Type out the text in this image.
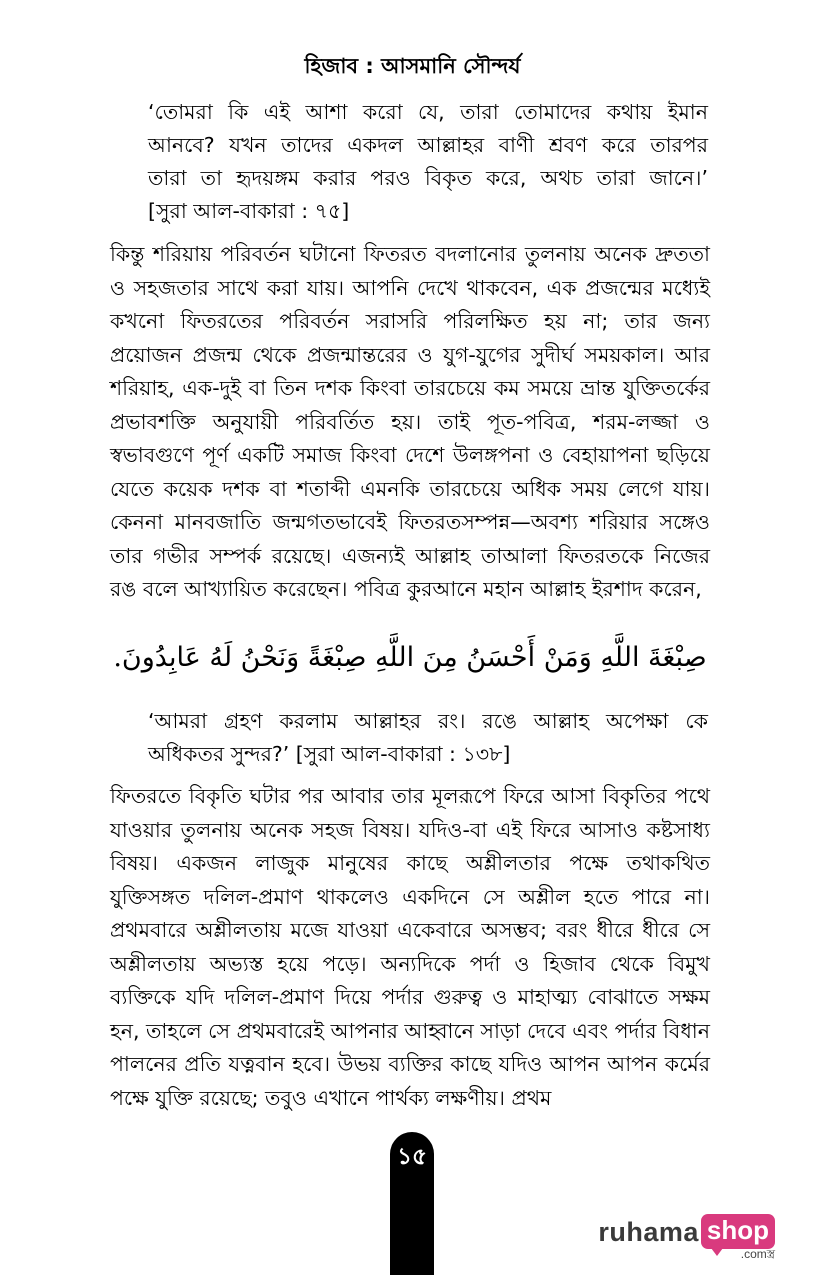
হিজাব : আসমানি সৌন্দর্য

‘তোমরা কি এই আশা করো যে, তারা তোমাদের কথায় ইমান

আনবে? যখন তাদের একদল আল্লাহর বাণী শ্রবণ করে তারপর

তারা তা হৃদয়ঙ্গম করার পরও বিকৃত করে, অথচ তারা জানে।’

[সুরা আল-বাকারা : ৭৫]

কিন্তু শরিয়ায় পরিবর্তন ঘটানো ফিতরত বদলানোর তুলনায় অনেক দ্রুততা ও সহজতার সাথে করা যায়। আপনি দেখে থাকবেন, এক প্রজন্মের মধ্যেই কখনো ফিতরতের পরিবর্তন সরাসরি পরিলক্ষিত হয় না; তার জন্য প্রয়োজন প্রজন্ম থেকে প্রজন্মান্তরের ও যুগ-যুগের সুদীর্ঘ সময়কাল। আর শরিয়াহ, এক-দুই বা তিন দশক কিংবা তারচেয়ে কম সময়ে ভ্রান্ত যুক্তিতর্কের প্রভাবশক্তি অনুযায়ী পরিবর্তিত হয়। তাই পূত-পবিত্র, শরম-লজ্জা ও স্বভাবগুণে পূর্ণ একটি সমাজ কিংবা দেশে উলঙ্গপনা ও বেহায়াপনা ছড়িয়ে যেতে কয়েক দশক বা শতাব্দী এমনকি তারচেয়ে অধিক সময় লেগে যায়। কেননা মানবজাতি জন্মগতভাবেই ফিতরতসম্পন্ন—অবশ্য শরিয়ার সঙ্গেও তার গভীর সম্পর্ক রয়েছে। এজন্যই আল্লাহ তাআলা ফিতরতকে নিজের রঙ বলে আখ্যায়িত করেছেন। পবিত্র কুরআনে মহান আল্লাহ ইরশাদ করেন,
صِبْغَةَ اللَّهِ وَمَنْ أَحْسَنُ مِنَ اللَّهِ صِبْغَةً وَنَحْنُ لَهُ عَابِدُونَ.

‘আমরা গ্রহণ করলাম আল্লাহর রং। রঙে আল্লাহ অপেক্ষা কে

অধিকতর সুন্দর?’ [সুরা আল-বাকারা : ১৩৮]

ফিতরতে বিকৃতি ঘটার পর আবার তার মূলরূপে ফিরে আসা বিকৃতির পথে যাওয়ার তুলনায় অনেক সহজ বিষয়। যদিও-বা এই ফিরে আসাও কষ্টসাধ্য বিষয়। একজন লাজুক মানুষের কাছে অশ্লীলতার পক্ষে তথাকথিত যুক্তিসঙ্গত দলিল-প্রমাণ থাকলেও একদিনে সে অশ্লীল হতে পারে না। প্রথমবারে অশ্লীলতায় মজে যাওয়া একেবারে অসম্ভব; বরং ধীরে ধীরে সে অশ্লীলতায় অভ্যস্ত হয়ে পড়ে। অন্যদিকে পর্দা ও হিজাব থেকে বিমুখ ব্যক্তিকে যদি দলিল-প্রমাণ দিয়ে পর্দার গুরুত্ব ও মাহাত্ম্য বোঝাতে সক্ষম হন, তাহলে সে প্রথমবারেই আপনার আহ্বানে সাড়া দেবে এবং পর্দার বিধান পালনের প্রতি যত্নবান হবে। উভয় ব্যক্তির কাছে যদিও আপন আপন কর্মের পক্ষে যুক্তি রয়েছে; তবুও এখানে পার্থক্য লক্ষণীয়। প্রথম
১৫
ruhama shop
.comস্ত্র
